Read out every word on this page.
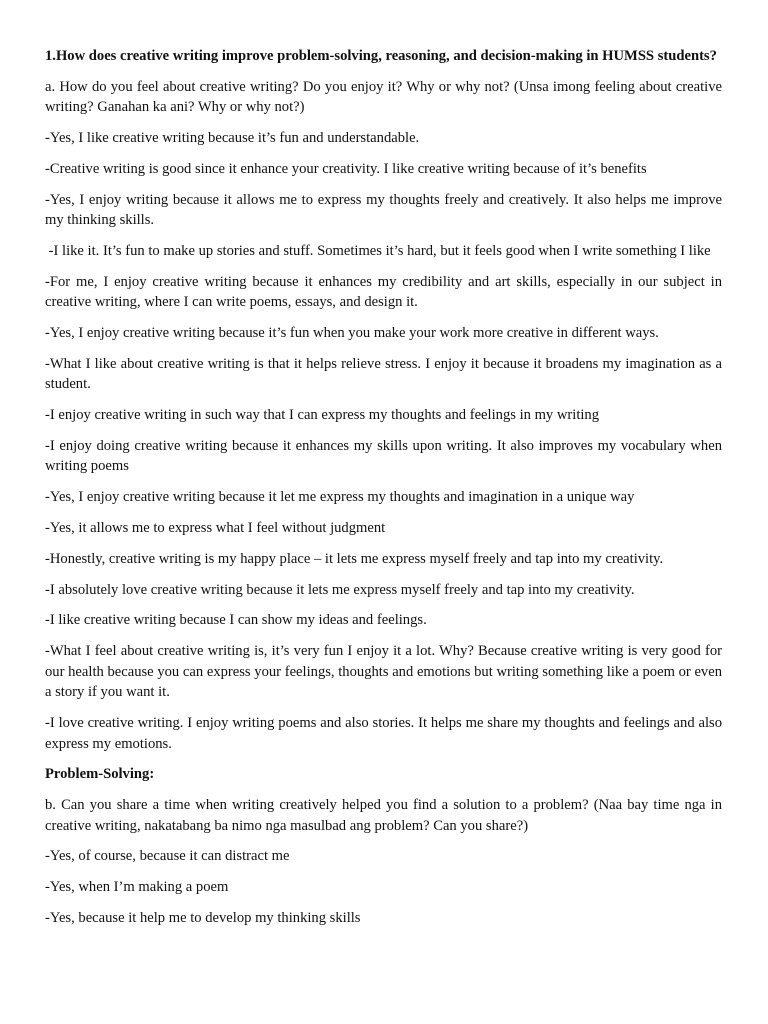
1.How does creative writing improve problem-solving, reasoning, and decision-making in HUMSS students?

a. How do you feel about creative writing? Do you enjoy it? Why or why not? (Unsa imong feeling about creative writing? Ganahan ka ani? Why or why not?)

-Yes, I like creative writing because it’s fun and understandable.

-Creative writing is good since it enhance your creativity. I like creative writing because of it’s benefits

-Yes, I enjoy writing because it allows me to express my thoughts freely and creatively. It also helps me improve my thinking skills.

-I like it. It’s fun to make up stories and stuff. Sometimes it’s hard, but it feels good when I write something I like

-For me, I enjoy creative writing because it enhances my credibility and art skills, especially in our subject in creative writing, where I can write poems, essays, and design it.

-Yes, I enjoy creative writing because it’s fun when you make your work more creative in different ways.

-What I like about creative writing is that it helps relieve stress. I enjoy it because it broadens my imagination as a student.

-I enjoy creative writing in such way that I can express my thoughts and feelings in my writing

-I enjoy doing creative writing because it enhances my skills upon writing. It also improves my vocabulary when writing poems

-Yes, I enjoy creative writing because it let me express my thoughts and imagination in a unique way

-Yes, it allows me to express what I feel without judgment

-Honestly, creative writing is my happy place – it lets me express myself freely and tap into my creativity.

-I absolutely love creative writing because it lets me express myself freely and tap into my creativity.

-I like creative writing because I can show my ideas and feelings.

-What I feel about creative writing is, it’s very fun I enjoy it a lot. Why? Because creative writing is very good for our health because you can express your feelings, thoughts and emotions but writing something like a poem or even a story if you want it.

-I love creative writing. I enjoy writing poems and also stories. It helps me share my thoughts and feelings and also express my emotions.

Problem-Solving:

b. Can you share a time when writing creatively helped you find a solution to a problem? (Naa bay time nga in creative writing, nakatabang ba nimo nga masulbad ang problem? Can you share?)

-Yes, of course, because it can distract me

-Yes, when I’m making a poem

-Yes, because it help me to develop my thinking skills
